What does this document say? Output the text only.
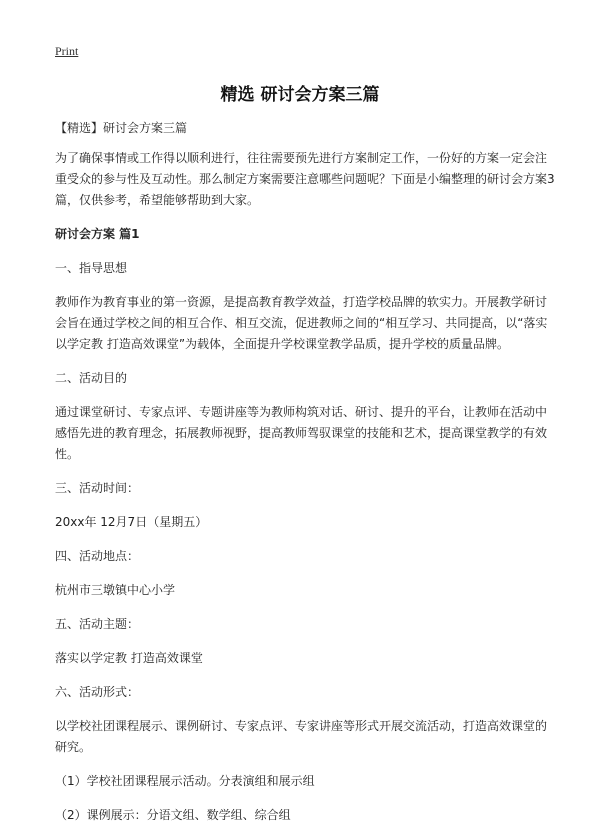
Print
精选 研讨会方案三篇

【精选】研讨会方案三篇

为了确保事情或工作得以顺利进行，往往需要预先进行方案制定工作，一份好的方案一定会注重受众的参与性及互动性。那么制定方案需要注意哪些问题呢？下面是小编整理的研讨会方案3篇，仅供参考，希望能够帮助到大家。

研讨会方案 篇1

一、指导思想

教师作为教育事业的第一资源，是提高教育教学效益，打造学校品牌的软实力。开展教学研讨会旨在通过学校之间的相互合作、相互交流，促进教师之间的“相互学习、共同提高，以“落实以学定教 打造高效课堂”为载体，全面提升学校课堂教学品质，提升学校的质量品牌。

二、活动目的

通过课堂研讨、专家点评、专题讲座等为教师构筑对话、研讨、提升的平台，让教师在活动中感悟先进的教育理念，拓展教师视野，提高教师驾驭课堂的技能和艺术，提高课堂教学的有效性。

三、活动时间：

20xx年 12月7日（星期五）

四、活动地点：

杭州市三墩镇中心小学

五、活动主题：

落实以学定教 打造高效课堂

六、活动形式：

以学校社团课程展示、课例研讨、专家点评、专家讲座等形式开展交流活动，打造高效课堂的研究。

（1）学校社团课程展示活动。分表演组和展示组

（2）课例展示：分语文组、数学组、综合组
